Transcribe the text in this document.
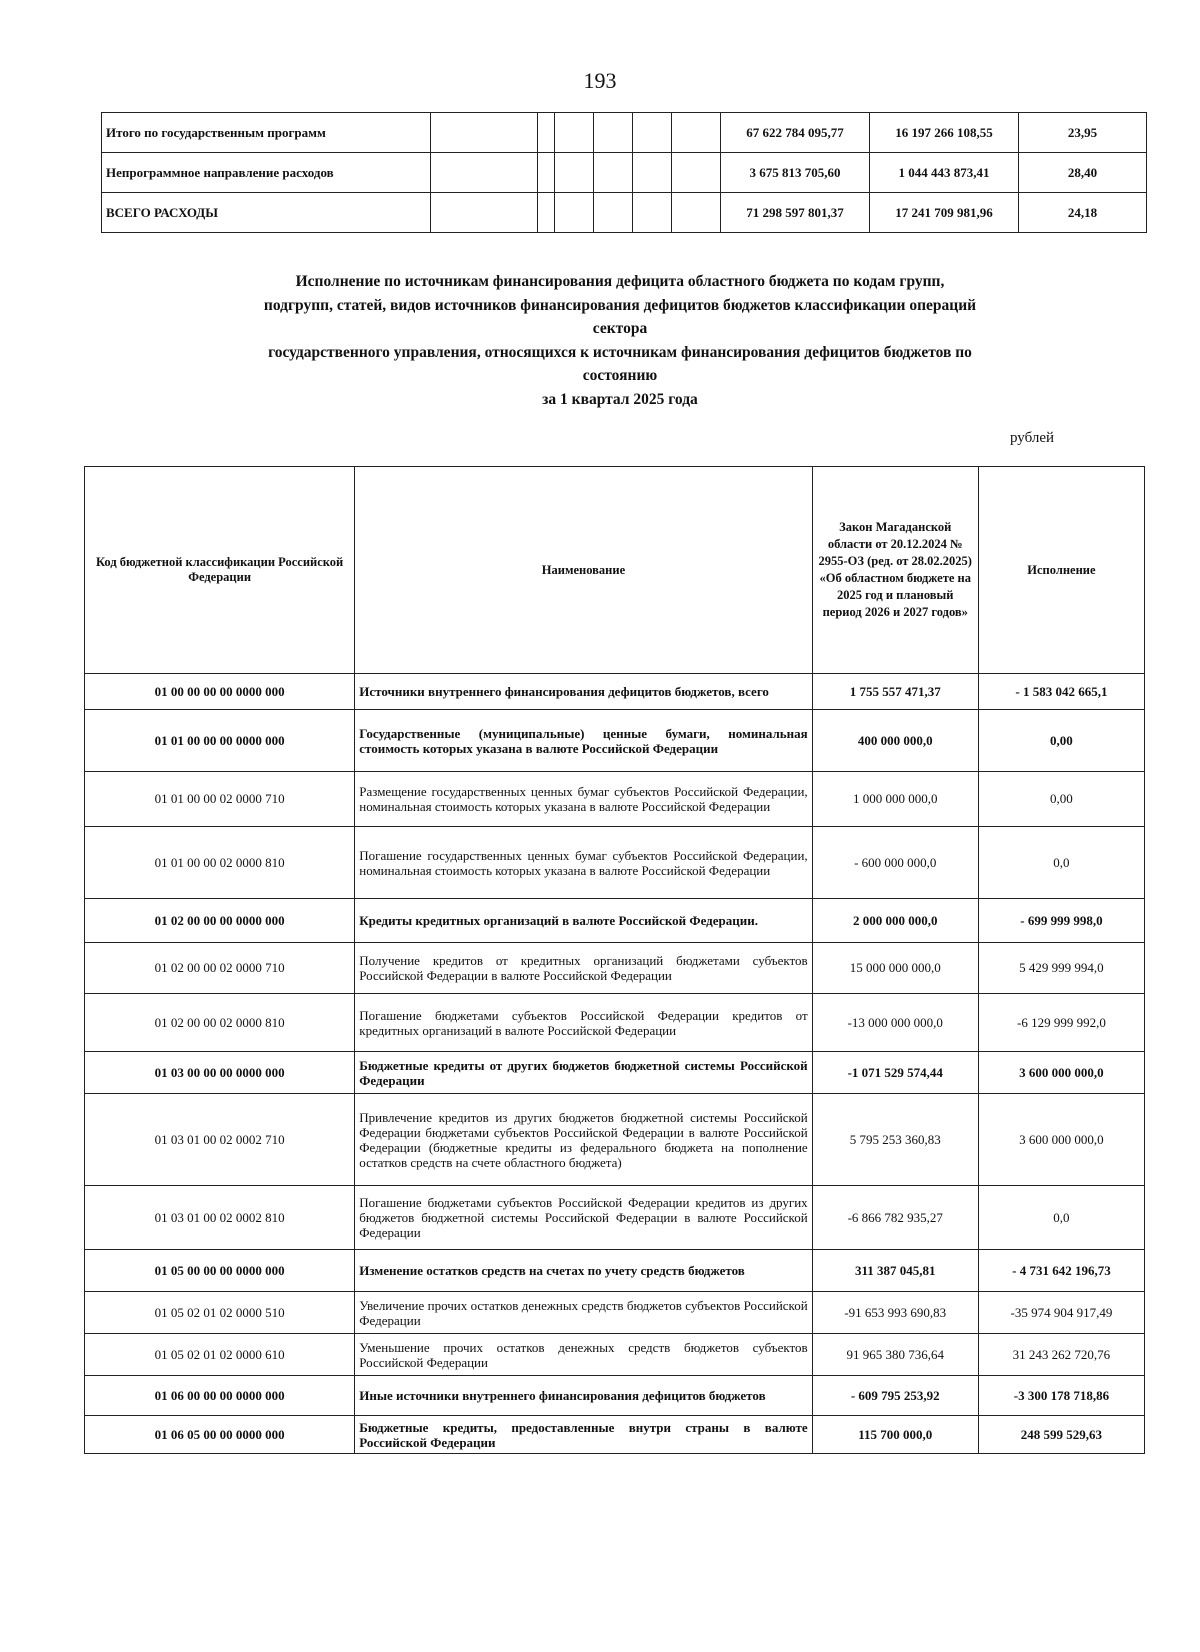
193
Итого по государственным программ							67 622 784 095,77	16 197 266 108,55	23,95
Непрограммное направление расходов							3 675 813 705,60	1 044 443 873,41	28,40
ВСЕГО РАСХОДЫ							71 298 597 801,37	17 241 709 981,96	24,18
Исполнение по источникам финансирования дефицита областного бюджета по кодам групп,
подгрупп, статей, видов источников финансирования дефицитов бюджетов классификации операций
сектора
государственного управления, относящихся к источникам финансирования дефицитов бюджетов по
состоянию
за 1 квартал 2025 года
рублей
Код бюджетной классификации Российской Федерации	Наименование	Закон Магаданской области от 20.12.2024 № 2955-ОЗ (ред. от 28.02.2025) «Об областном бюджете на 2025 год и плановый период 2026 и 2027 годов»	Исполнение
01 00 00 00 00 0000 000	Источники внутреннего финансирования дефицитов бюджетов, всего	1 755 557 471,37	- 1 583 042 665,1
01 01 00 00 00 0000 000	Государственные (муниципальные) ценные бумаги, номинальная стоимость которых указана в валюте Российской Федерации	400 000 000,0	0,00
01 01 00 00 02 0000 710	Размещение государственных ценных бумаг субъектов Российской Федерации, номинальная стоимость которых указана в валюте Российской Федерации	1 000 000 000,0	0,00
01 01 00 00 02 0000 810	Погашение государственных ценных бумаг субъектов Российской Федерации, номинальная стоимость которых указана в валюте Российской Федерации	- 600 000 000,0	0,0
01 02 00 00 00 0000 000	Кредиты кредитных организаций в валюте Российской Федерации.	2 000 000 000,0	- 699 999 998,0
01 02 00 00 02 0000 710	Получение кредитов от кредитных организаций бюджетами субъектов Российской Федерации в валюте Российской Федерации	15 000 000 000,0	5 429 999 994,0
01 02 00 00 02 0000 810	Погашение бюджетами субъектов Российской Федерации кредитов от кредитных организаций в валюте Российской Федерации	-13 000 000 000,0	-6 129 999 992,0
01 03 00 00 00 0000 000	Бюджетные кредиты от других бюджетов бюджетной системы Российской Федерации	-1 071 529 574,44	3 600 000 000,0
01 03 01 00 02 0002 710	Привлечение кредитов из других бюджетов бюджетной системы Российской Федерации бюджетами субъектов Российской Федерации в валюте Российской Федерации (бюджетные кредиты из федерального бюджета на пополнение остатков средств на счете областного бюджета)	5 795 253 360,83	3 600 000 000,0
01 03 01 00 02 0002 810	Погашение бюджетами субъектов Российской Федерации кредитов из других бюджетов бюджетной системы Российской Федерации в валюте Российской Федерации	-6 866 782 935,27	0,0
01 05 00 00 00 0000 000	Изменение остатков средств на счетах по учету средств бюджетов	311 387 045,81	- 4 731 642 196,73
01 05 02 01 02 0000 510	Увеличение прочих остатков денежных средств бюджетов субъектов Российской Федерации	-91 653 993 690,83	-35 974 904 917,49
01 05 02 01 02 0000 610	Уменьшение прочих остатков денежных средств бюджетов субъектов Российской Федерации	91 965 380 736,64	31 243 262 720,76
01 06 00 00 00 0000 000	Иные источники внутреннего финансирования дефицитов бюджетов	- 609 795 253,92	-3 300 178 718,86
01 06 05 00 00 0000 000	Бюджетные кредиты, предоставленные внутри страны в валюте Российской Федерации	115 700 000,0	248 599 529,63
